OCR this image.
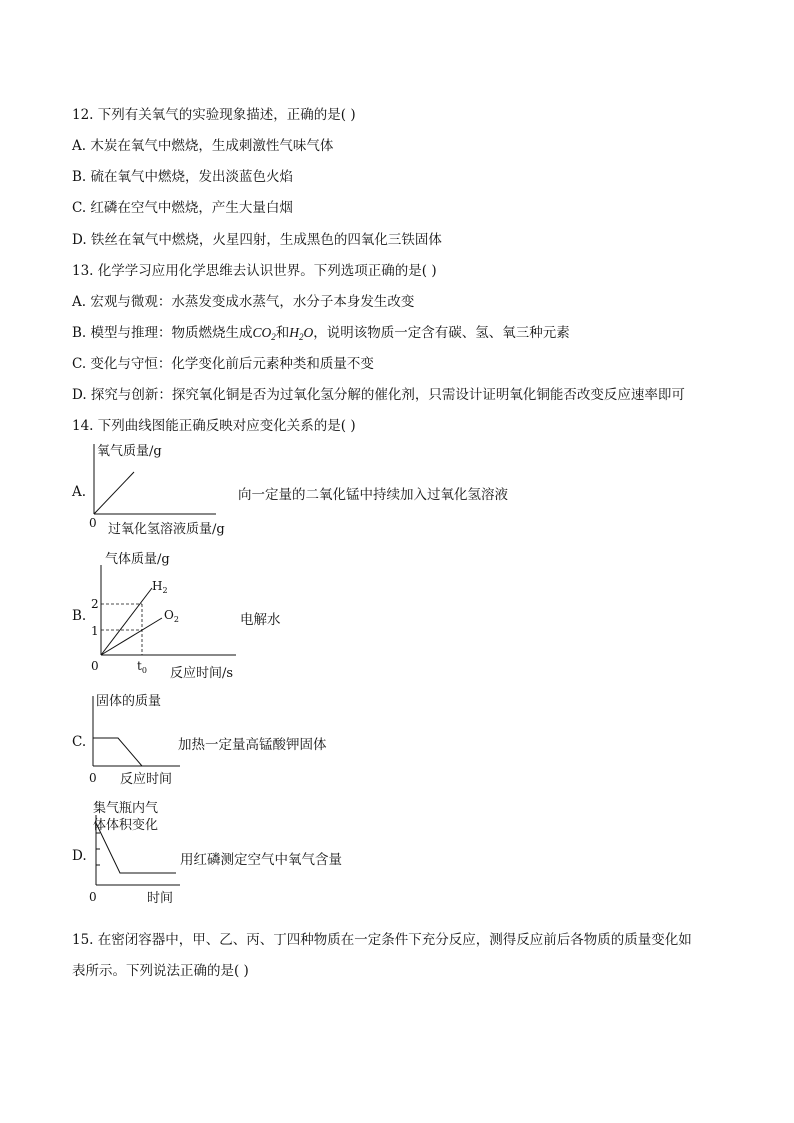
12. 下列有关氧气的实验现象描述，正确的是( )
A. 木炭在氧气中燃烧，生成刺激性气味气体
B. 硫在氧气中燃烧，发出淡蓝色火焰
C. 红磷在空气中燃烧，产生大量白烟
D. 铁丝在氧气中燃烧，火星四射，生成黑色的四氧化三铁固体
13. 化学学习应用化学思维去认识世界。下列选项正确的是( )
A. 宏观与微观：水蒸发变成水蒸气，水分子本身发生改变
B. 模型与推理：物质燃烧生成$CO_2$和$H_2O$，说明该物质一定含有碳、氢、氧三种元素
C. 变化与守恒：化学变化前后元素种类和质量不变
D. 探究与创新：探究氧化铜是否为过氧化氢分解的催化剂，只需设计证明氧化铜能否改变反应速率即可
14. 下列曲线图能正确反映对应变化关系的是( )
A.
氧气质量/g
0 过氧化氢溶液质量/g
向一定量的二氧化锰中持续加入过氧化氢溶液
B.
气体质量/g
2
1
0	$t_0$
$H_2$
$O_2$
反应时间/s
电解水
C.
固体的质量
0 反应时间
加热一定量高锰酸钾固体
D.
集气瓶内气
体体积变化
0	时间
用红磷测定空气中氧气含量
15. 在密闭容器中，甲、乙、丙、丁四种物质在一定条件下充分反应，测得反应前后各物质的质量变化如
表所示。下列说法正确的是( )
